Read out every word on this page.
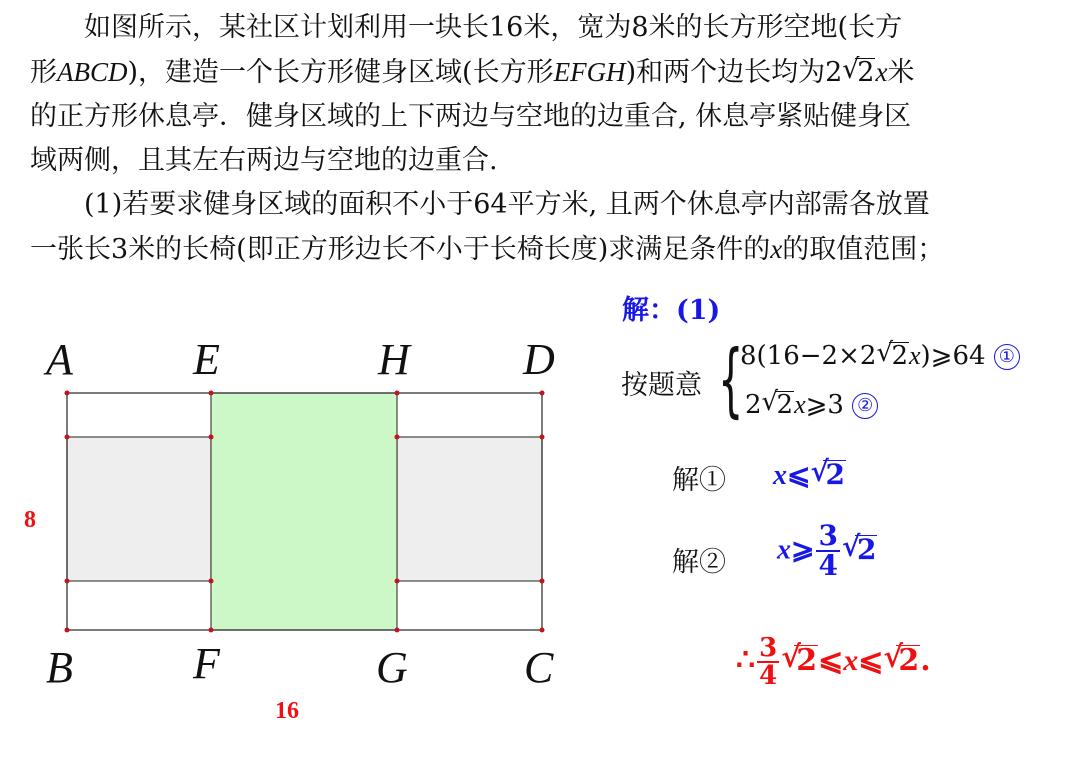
如图所示，某社区计划利用一块长16米，宽为8米的长方形空地(长方

形ABCD)，建造一个长方形健身区域(长方形EFGH)和两个边长均为2 √ 2x米

的正方形休息亭．健身区域的上下两边与空地的边重合, 休息亭紧贴健身区

域两侧，且其左右两边与空地的边重合.

(1)若要求健身区域的面积不小于64平方米, 且两个休息亭内部需各放置

一张长3米的长椅(即正方形边长不小于长椅长度)求满足条件的x的取值范围；

A	E	H	D
B	F	G	C
8
16
解：(1)
按题意 {
8(16−2×2 √ 2x)⩾64 ①
2 √ 2x⩾3 ②
解① x⩽ √ 2
解② x⩾ $\frac{3}{4}$ √ 2
∴ $\frac{3}{4}$ √ 2⩽x⩽ √ 2.
